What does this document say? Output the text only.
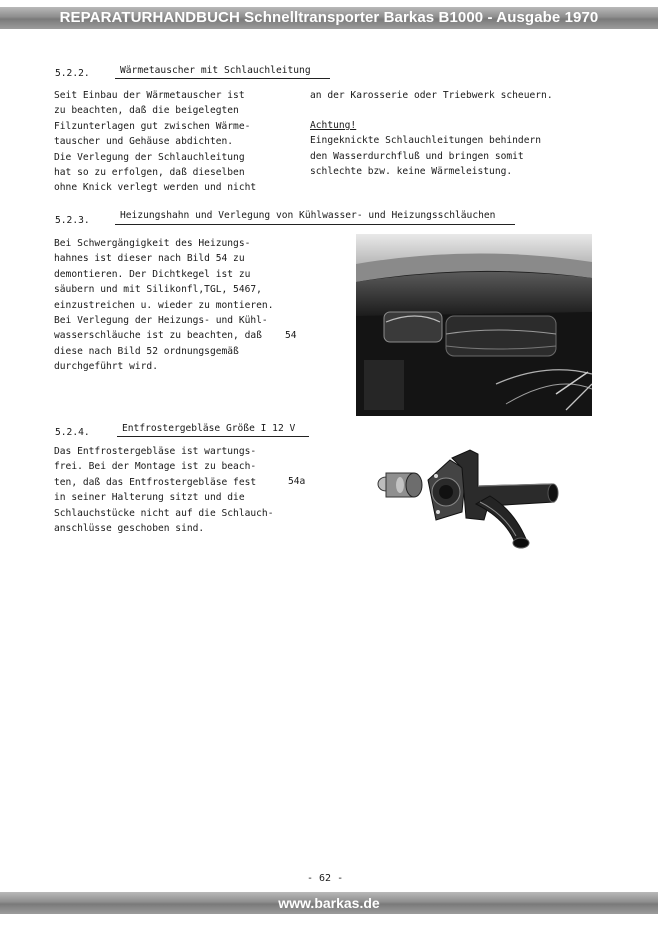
REPARATURHANDBUCH Schnelltransporter Barkas B1000 - Ausgabe 1970
5.2.2.	Wärmetauscher mit Schlauchleitung
Seit Einbau der Wärmetauscher ist
zu beachten, daß die beigelegten
Filzunterlagen gut zwischen Wärme-
tauscher und Gehäuse abdichten.
Die Verlegung der Schlauchleitung
hat so zu erfolgen, daß dieselben
ohne Knick verlegt werden und nicht
an der Karosserie oder Triebwerk scheuern.
Achtung!
Eingeknickte Schlauchleitungen behindern
den Wasserdurchfluß und bringen somit
schlechte bzw. keine Wärmeleistung.
5.2.3.	Heizungshahn und Verlegung von Kühlwasser- und Heizungsschläuchen
Bei Schwergängigkeit des Heizungs-
hahnes ist dieser nach Bild 54 zu
demontieren. Der Dichtkegel ist zu
säubern und mit Silikonfl,TGL, 5467,
einzustreichen u. wieder zu montieren.
Bei Verlegung der Heizungs- und Kühl-
wasserschläuche ist zu beachten, daß
diese nach Bild 52 ordnungsgemäß
durchgeführt wird.
54
5.2.4.	Entfrostergebläse Größe I 12 V
Das Entfrostergebläse ist wartungs-
frei. Bei der Montage ist zu beach-
ten, daß das Entfrostergebläse fest
in seiner Halterung sitzt und die
Schlauchstücke nicht auf die Schlauch-
anschlüsse geschoben sind.
54a
- 62 -
www.barkas.de
